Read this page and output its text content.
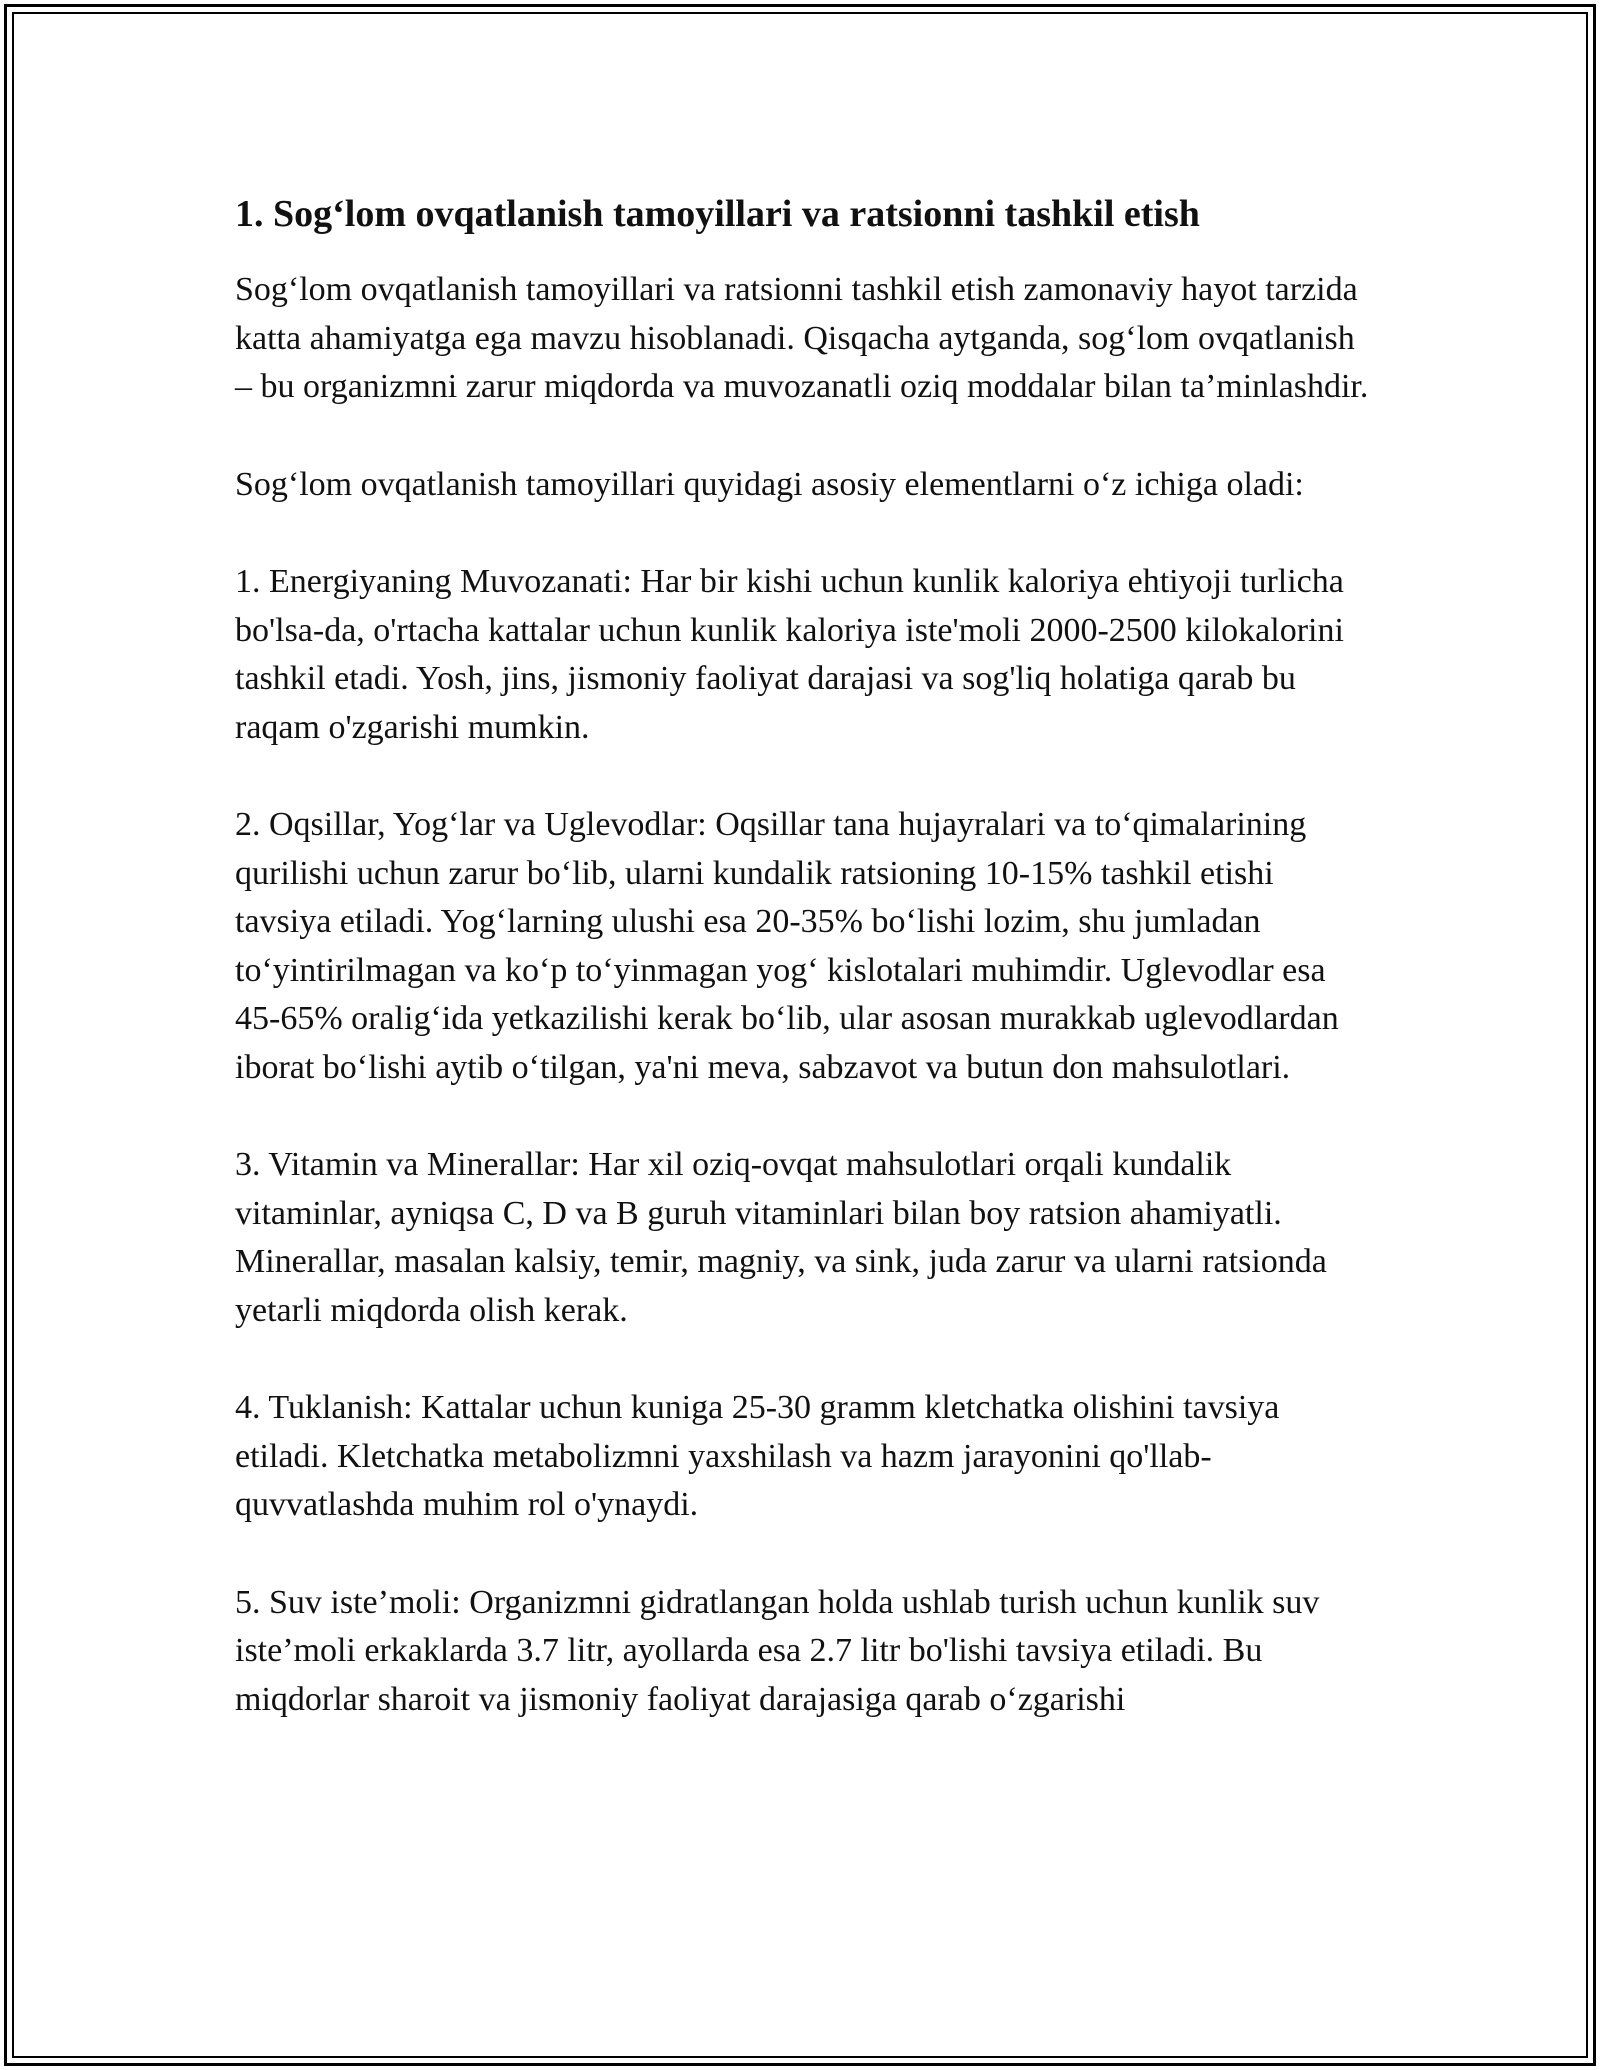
1. Sog‘lom ovqatlanish tamoyillari va ratsionni tashkil etish

Sog‘lom ovqatlanish tamoyillari va ratsionni tashkil etish zamonaviy hayot tarzida katta ahamiyatga ega mavzu hisoblanadi. Qisqacha aytganda, sog‘lom ovqatlanish – bu organizmni zarur miqdorda va muvozanatli oziq moddalar bilan ta’minlashdir.

Sog‘lom ovqatlanish tamoyillari quyidagi asosiy elementlarni o‘z ichiga oladi:

1. Energiyaning Muvozanati: Har bir kishi uchun kunlik kaloriya ehtiyoji turlicha bo'lsa-da, o'rtacha kattalar uchun kunlik kaloriya iste'moli 2000-2500 kilokalorini tashkil etadi. Yosh, jins, jismoniy faoliyat darajasi va sog'liq holatiga qarab bu raqam o'zgarishi mumkin.

2. Oqsillar, Yog‘lar va Uglevodlar: Oqsillar tana hujayralari va to‘qimalarining qurilishi uchun zarur bo‘lib, ularni kundalik ratsioning 10-15% tashkil etishi tavsiya etiladi. Yog‘larning ulushi esa 20-35% bo‘lishi lozim, shu jumladan to‘yintirilmagan va ko‘p to‘yinmagan yog‘ kislotalari muhimdir. Uglevodlar esa 45-65% oralig‘ida yetkazilishi kerak bo‘lib, ular asosan murakkab uglevodlardan iborat bo‘lishi aytib o‘tilgan, ya'ni meva, sabzavot va butun don mahsulotlari.

3. Vitamin va Minerallar: Har xil oziq-ovqat mahsulotlari orqali kundalik vitaminlar, ayniqsa C, D va B guruh vitaminlari bilan boy ratsion ahamiyatli. Minerallar, masalan kalsiy, temir, magniy, va sink, juda zarur va ularni ratsionda yetarli miqdorda olish kerak.

4. Tuklanish: Kattalar uchun kuniga 25-30 gramm kletchatka olishini tavsiya etiladi. Kletchatka metabolizmni yaxshilash va hazm jarayonini qo'llab-quvvatlashda muhim rol o'ynaydi.

5. Suv iste’moli: Organizmni gidratlangan holda ushlab turish uchun kunlik suv iste’moli erkaklarda 3.7 litr, ayollarda esa 2.7 litr bo'lishi tavsiya etiladi. Bu miqdorlar sharoit va jismoniy faoliyat darajasiga qarab o‘zgarishi
